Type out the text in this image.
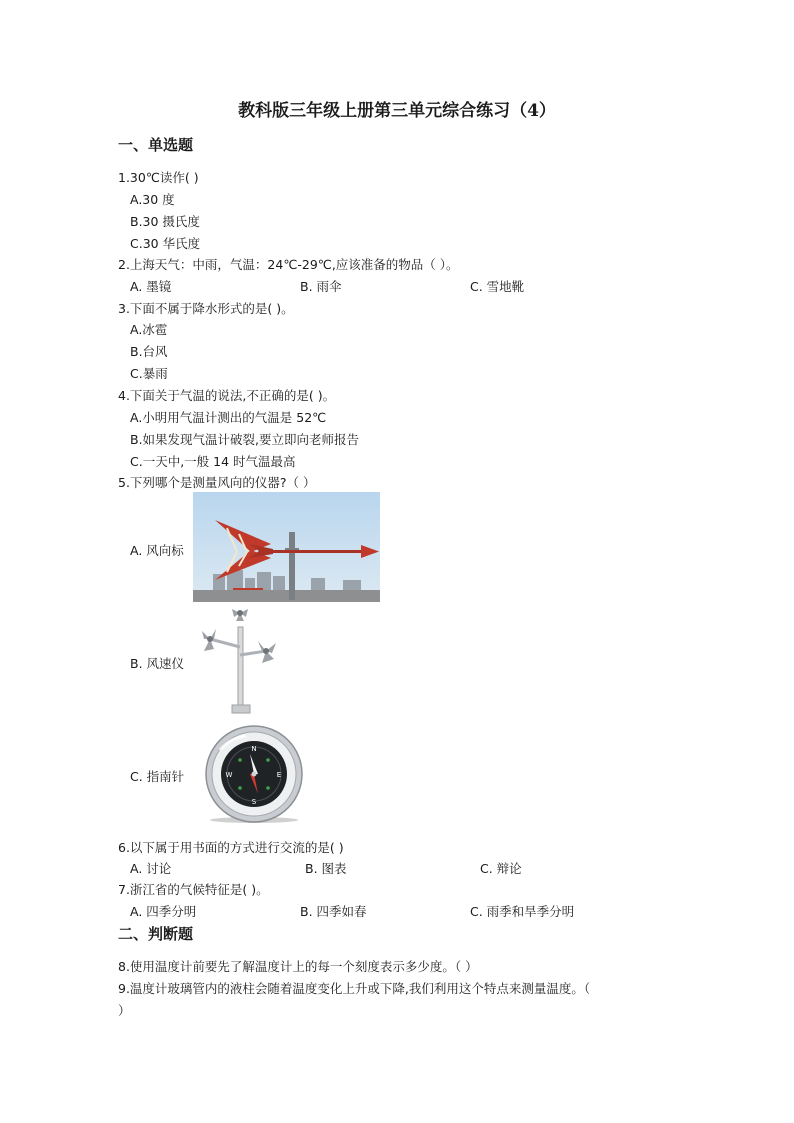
教科版三年级上册第三单元综合练习（4）
一、单选题
1.30℃读作( )
A.30 度
B.30 摄氏度
C.30 华氏度
2.上海天气：中雨，气温：24℃-29℃,应该准备的物品（ ）。
A. 墨镜	B. 雨伞	C. 雪地靴
3.下面不属于降水形式的是( )。
A.冰雹
B.台风
C.暴雨
4.下面关于气温的说法,不正确的是( )。
A.小明用气温计测出的气温是 52℃
B.如果发现气温计破裂,要立即向老师报告
C.一天中,一般 14 时气温最高
5.下列哪个是测量风向的仪器?（ ）
A. 风向标
B. 风速仪
C. 指南针
N
E
S
W
6.以下属于用书面的方式进行交流的是( )
A. 讨论	B. 图表	C. 辩论
7.浙江省的气候特征是( )。
A. 四季分明	B. 四季如春	C. 雨季和旱季分明
二、判断题
8.使用温度计前要先了解温度计上的每一个刻度表示多少度。（ ）
9.温度计玻璃管内的液柱会随着温度变化上升或下降,我们利用这个特点来测量温度。（
）
